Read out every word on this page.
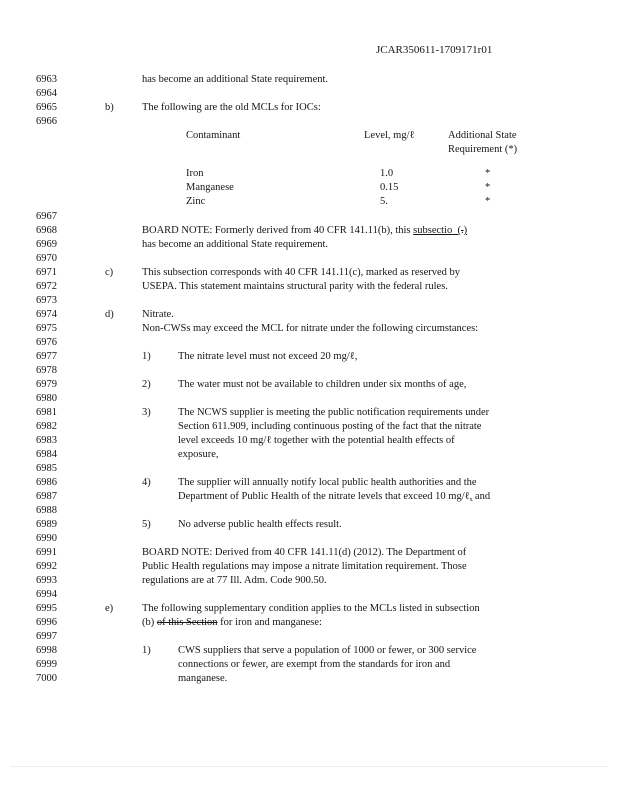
JCAR350611-1709171r01
6963
6964
6965
6966
6967
6968
6969
6970
6971
6972
6973
6974
6975
6976
6977
6978
6979
6980
6981
6982
6983
6984
6985
6986
6987
6988
6989
6990
6991
6992
6993
6994
6995
6996
6997
6998
6999
7000
has become an additional State requirement.
b)	The following are the old MCLs for IOCs:
Contaminant	Level, mg/ℓ	Additional State
Requirement (*)
Iron	1.0	*
Manganese	0.15	*
Zinc	5.	*
BOARD NOTE: Formerly derived from 40 CFR 141.11(b), this subsectio (.)
has become an additional State requirement.
c)	This subsection corresponds with 40 CFR 141.11(c), marked as reserved by
USEPA. This statement maintains structural parity with the federal rules.
d)	Nitrate.
Non-CWSs may exceed the MCL for nitrate under the following circumstances:
1)	The nitrate level must not exceed 20 mg/ℓ,
2)	The water must not be available to children under six months of age,
3)	The NCWS supplier is meeting the public notification requirements under
Section 611.909, including continuous posting of the fact that the nitrate
level exceeds 10 mg/ℓ together with the potential health effects of
exposure,
4)	The supplier will annually notify local public health authorities and the
Department of Public Health of the nitrate levels that exceed 10 mg/ℓ, and
5)	No adverse public health effects result.
BOARD NOTE: Derived from 40 CFR 141.11(d) (2012). The Department of
Public Health regulations may impose a nitrate limitation requirement. Those
regulations are at 77 Ill. Adm. Code 900.50.
e)	The following supplementary condition applies to the MCLs listed in subsection
(b) of this Section for iron and manganese:
1)	CWS suppliers that serve a population of 1000 or fewer, or 300 service
connections or fewer, are exempt from the standards for iron and
manganese.
